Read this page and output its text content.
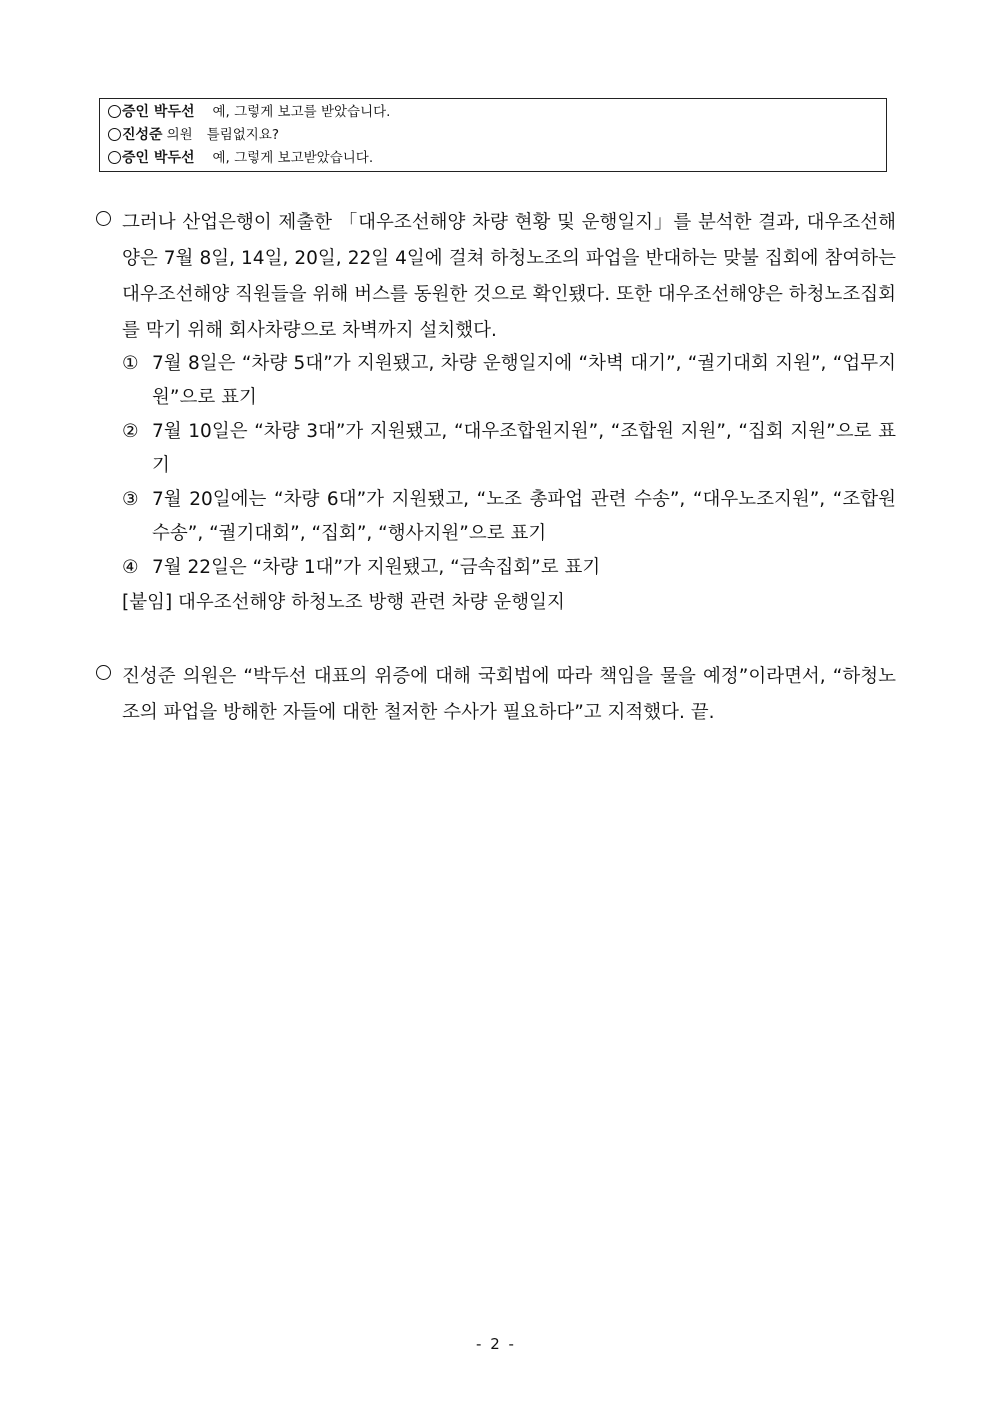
증인 박두선 예, 그렇게 보고를 받았습니다.
진성준 의원 틀림없지요?
증인 박두선 예, 그렇게 보고받았습니다.
그러나 산업은행이 제출한 「대우조선해양 차량 현황 및 운행일지」를 분석한 결과, 대우조선해양은 7월 8일, 14일, 20일, 22일 4일에 걸쳐 하청노조의 파업을 반대하는 맞불 집회에 참여하는 대우조선해양 직원들을 위해 버스를 동원한 것으로 확인됐다. 또한 대우조선해양은 하청노조집회를 막기 위해 회사차량으로 차벽까지 설치했다.
① 7월 8일은 “차량 5대”가 지원됐고, 차량 운행일지에 “차벽 대기”, “궐기대회 지원”, “업무지원”으로 표기
② 7월 10일은 “차량 3대”가 지원됐고, “대우조합원지원”, “조합원 지원”, “집회 지원”으로 표기
③ 7월 20일에는 “차량 6대”가 지원됐고, “노조 총파업 관련 수송”, “대우노조지원”, “조합원 수송”, “궐기대회”, “집회”, “행사지원”으로 표기
④ 7월 22일은 “차량 1대”가 지원됐고, “금속집회”로 표기
[붙임] 대우조선해양 하청노조 방행 관련 차량 운행일지
진성준 의원은 “박두선 대표의 위증에 대해 국회법에 따라 책임을 물을 예정”이라면서, “하청노조의 파업을 방해한 자들에 대한 철저한 수사가 필요하다”고 지적했다. 끝.
- 2 -
